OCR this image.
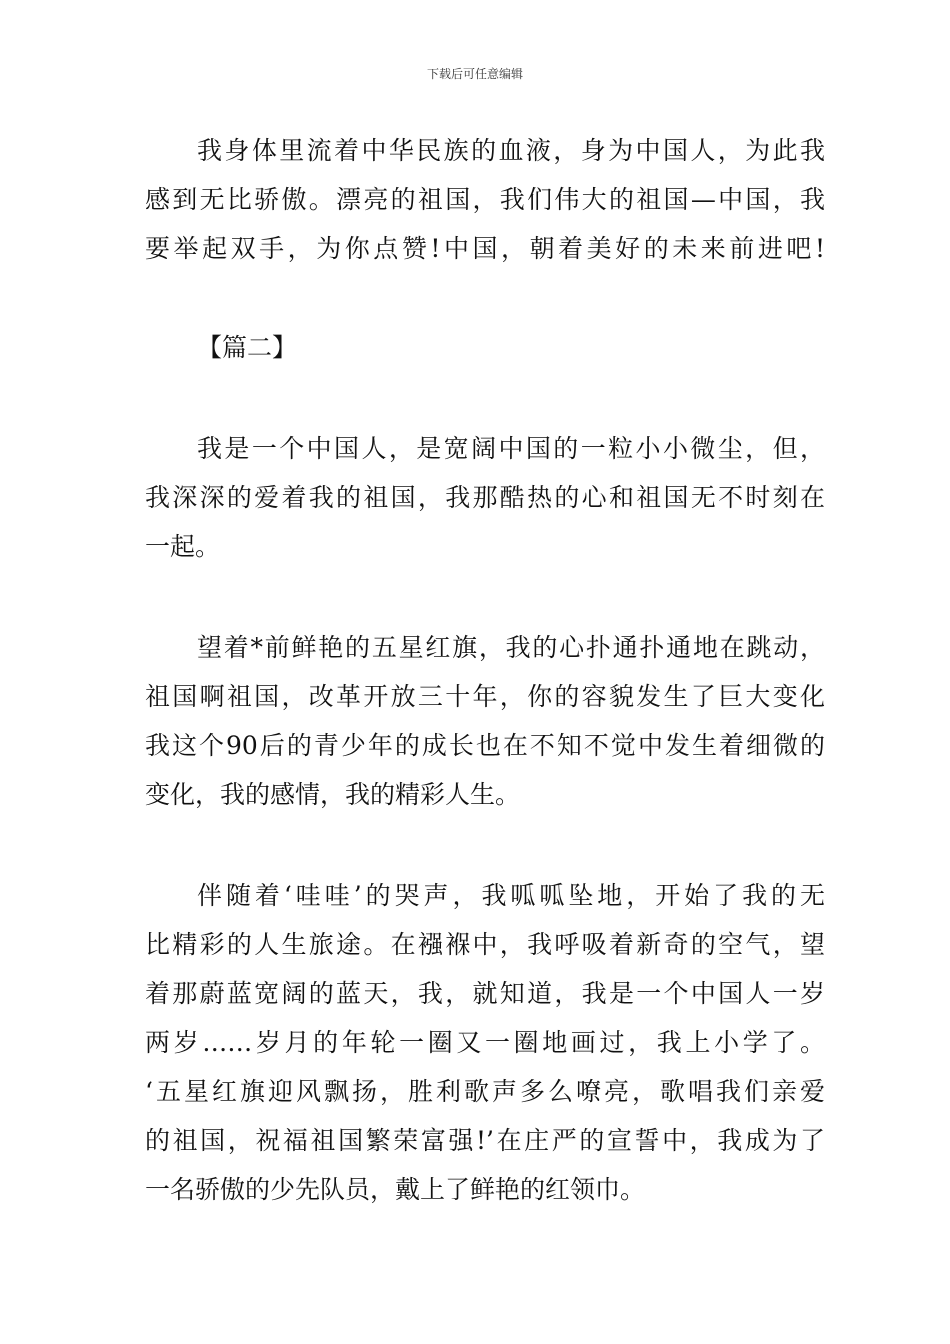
下载后可任意编辑
我身体里流着中华民族的血液，身为中国人，为此我
感到无比骄傲。漂亮的祖国，我们伟大的祖国—中国，我
要举起双手，为你点赞!中国，朝着美好的未来前进吧!
【篇二】
我是一个中国人，是宽阔中国的一粒小小微尘，但，
我深深的爱着我的祖国，我那酷热的心和祖国无不时刻在
一起。
望着*前鲜艳的五星红旗，我的心扑通扑通地在跳动，
祖国啊祖国，改革开放三十年，你的容貌发生了巨大变化
我这个90后的青少年的成长也在不知不觉中发生着细微的
变化，我的感情，我的精彩人生。
伴随着‘哇哇’的哭声，我呱呱坠地，开始了我的无
比精彩的人生旅途。在襁褓中，我呼吸着新奇的空气，望
着那蔚蓝宽阔的蓝天，我，就知道，我是一个中国人一岁
两岁……岁月的年轮一圈又一圈地画过，我上小学了。
‘五星红旗迎风飘扬，胜利歌声多么嘹亮，歌唱我们亲爱
的祖国，祝福祖国繁荣富强!’在庄严的宣誓中，我成为了
一名骄傲的少先队员，戴上了鲜艳的红领巾。
